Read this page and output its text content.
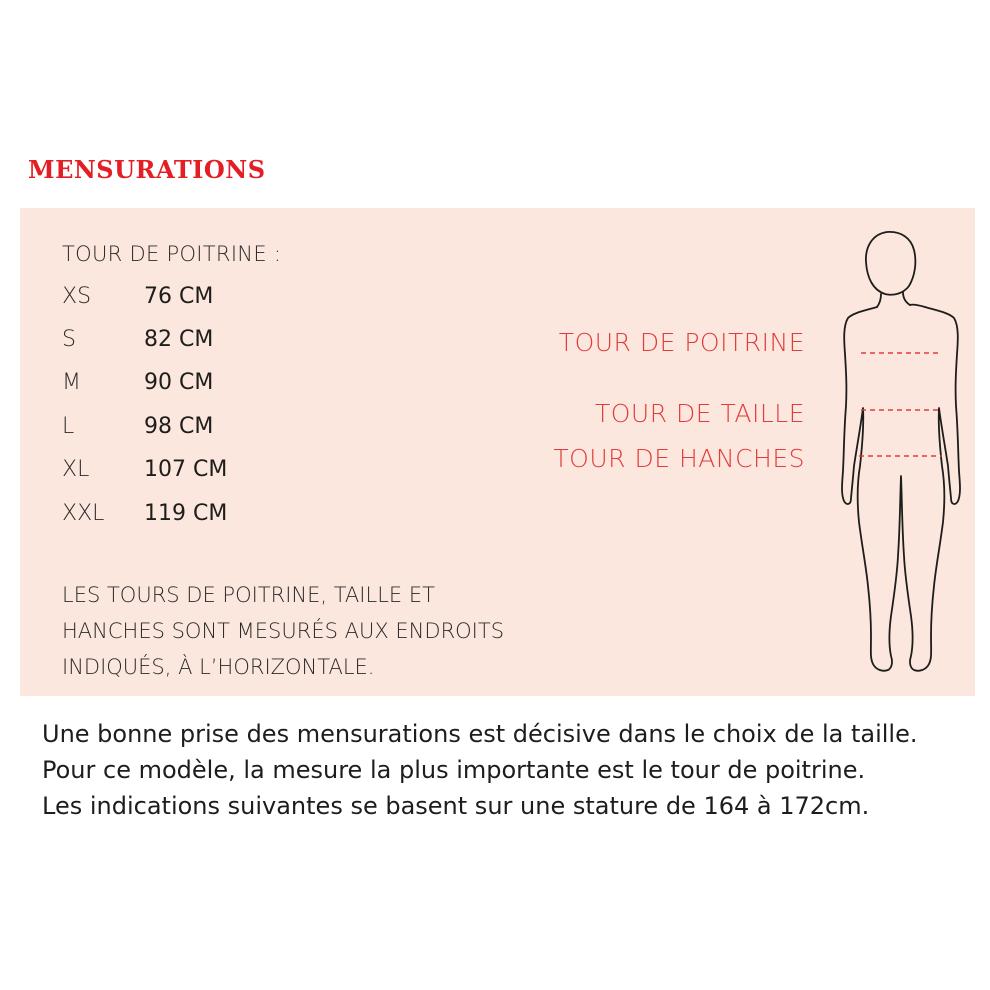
MENSURATIONS
TOUR DE POITRINE :
XS 76 CM
S	82 CM
M	90 CM
L	98 CM
XL 107 CM
XXL 119 CM

LES TOURS DE POITRINE, TAILLE ET
HANCHES SONT MESURÉS AUX ENDROITS
INDIQUÉS, À L’HORIZONTALE.

TOUR DE POITRINE
TOUR DE TAILLE
TOUR DE HANCHES

Une bonne prise des mensurations est décisive dans le choix de la taille.
Pour ce modèle, la mesure la plus importante est le tour de poitrine.
Les indications suivantes se basent sur une stature de 164 à 172cm.
